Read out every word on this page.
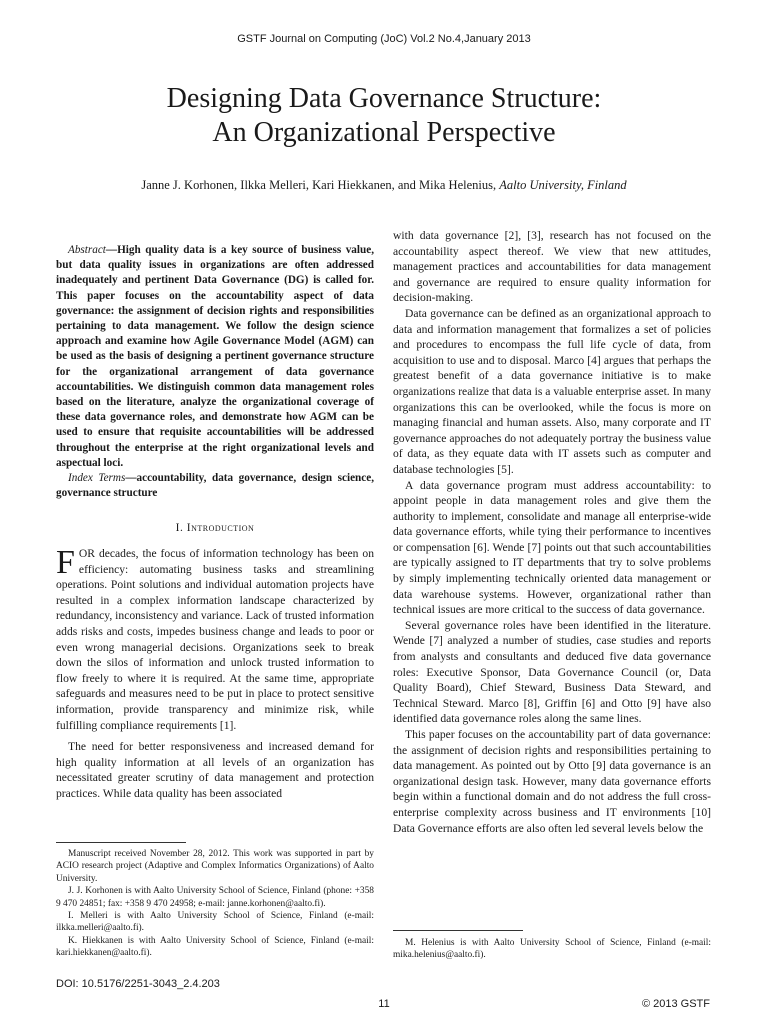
GSTF Journal on Computing (JoC) Vol.2 No.4,January 2013
Designing Data Governance Structure:
An Organizational Perspective
Janne J. Korhonen, Ilkka Melleri, Kari Hiekkanen, and Mika Helenius, Aalto University, Finland

Abstract—High quality data is a key source of business value, but data quality issues in organizations are often addressed inadequately and pertinent Data Governance (DG) is called for. This paper focuses on the accountability aspect of data governance: the assignment of decision rights and responsibilities pertaining to data management. We follow the design science approach and examine how Agile Governance Model (AGM) can be used as the basis of designing a pertinent governance structure for the organizational arrangement of data governance accountabilities. We distinguish common data management roles based on the literature, analyze the organizational coverage of these data governance roles, and demonstrate how AGM can be used to ensure that requisite accountabilities will be addressed throughout the enterprise at the right organizational levels and aspectual loci.

Index Terms—accountability, data governance, design science, governance structure

I. Introduction

FOR decades, the focus of information technology has been on efficiency: automating business tasks and streamlining operations. Point solutions and individual automation projects have resulted in a complex information landscape characterized by redundancy, inconsistency and variance. Lack of trusted information adds risks and costs, impedes business change and leads to poor or even wrong managerial decisions. Organizations seek to break down the silos of information and unlock trusted information to flow freely to where it is required. At the same time, appropriate safeguards and measures need to be put in place to protect sensitive information, provide transparency and minimize risk, while fulfilling compliance requirements [1].

The need for better responsiveness and increased demand for high quality information at all levels of an organization has necessitated greater scrutiny of data management and protection practices. While data quality has been associated

with data governance [2], [3], research has not focused on the accountability aspect thereof. We view that new attitudes, management practices and accountabilities for data management and governance are required to ensure quality information for decision-making.

Data governance can be defined as an organizational approach to data and information management that formalizes a set of policies and procedures to encompass the full life cycle of data, from acquisition to use and to disposal. Marco [4] argues that perhaps the greatest benefit of a data governance initiative is to make organizations realize that data is a valuable enterprise asset. In many organizations this can be overlooked, while the focus is more on managing financial and human assets. Also, many corporate and IT governance approaches do not adequately portray the business value of data, as they equate data with IT assets such as computer and database technologies [5].

A data governance program must address accountability: to appoint people in data management roles and give them the authority to implement, consolidate and manage all enterprise-wide data governance efforts, while tying their performance to incentives or compensation [6]. Wende [7] points out that such accountabilities are typically assigned to IT departments that try to solve problems by simply implementing technically oriented data management or data warehouse systems. However, organizational rather than technical issues are more critical to the success of data governance.

Several governance roles have been identified in the literature. Wende [7] analyzed a number of studies, case studies and reports from analysts and consultants and deduced five data governance roles: Executive Sponsor, Data Governance Council (or, Data Quality Board), Chief Steward, Business Data Steward, and Technical Steward. Marco [8], Griffin [6] and Otto [9] have also identified data governance roles along the same lines.

This paper focuses on the accountability part of data governance: the assignment of decision rights and responsibilities pertaining to data management. As pointed out by Otto [9] data governance is an organizational design task. However, many data governance efforts begin within a functional domain and do not address the full cross-enterprise complexity across business and IT environments [10] Data Governance efforts are also often led several levels below the

Manuscript received November 28, 2012. This work was supported in part by ACIO research project (Adaptive and Complex Informatics Organizations) of Aalto University.

J. J. Korhonen is with Aalto University School of Science, Finland (phone: +358 9 470 24851; fax: +358 9 470 24958; e-mail: janne.korhonen@aalto.fi).

I. Melleri is with Aalto University School of Science, Finland (e-mail: ilkka.melleri@aalto.fi).

K. Hiekkanen is with Aalto University School of Science, Finland (e-mail: kari.hiekkanen@aalto.fi).

M. Helenius is with Aalto University School of Science, Finland (e-mail: mika.helenius@aalto.fi).

DOI: 10.5176/2251-3043_2.4.203
11	© 2013 GSTF
